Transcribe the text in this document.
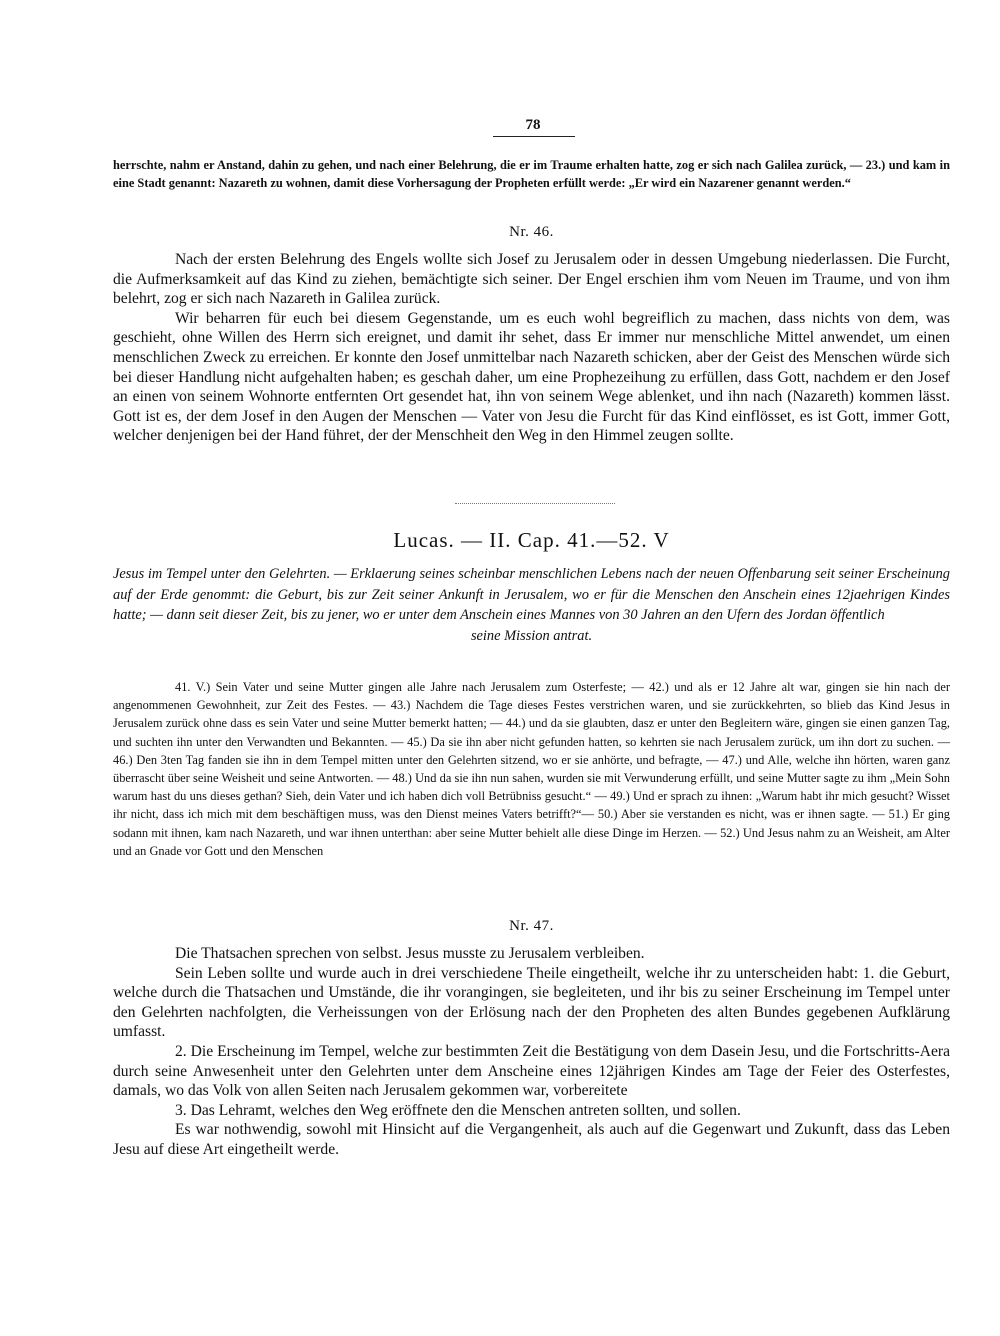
78

herrschte, nahm er Anstand, dahin zu gehen, und nach einer Belehrung, die er im Traume erhalten hatte, zog er sich nach Galilea zurück, — 23.) und kam in eine Stadt genannt: Nazareth zu wohnen, damit diese Vorhersagung der Propheten erfüllt werde: „Er wird ein Nazarener genannt werden.“

Nr. 46.

Nach der ersten Belehrung des Engels wollte sich Josef zu Jerusalem oder in dessen Umgebung niederlassen. Die Furcht, die Aufmerksamkeit auf das Kind zu ziehen, bemächtigte sich seiner. Der Engel erschien ihm vom Neuen im Traume, und von ihm belehrt, zog er sich nach Nazareth in Galilea zurück.

Wir beharren für euch bei diesem Gegenstande, um es euch wohl begreiflich zu machen, dass nichts von dem, was geschieht, ohne Willen des Herrn sich ereignet, und damit ihr sehet, dass Er immer nur menschliche Mittel anwendet, um einen menschlichen Zweck zu erreichen. Er konnte den Josef unmittelbar nach Nazareth schicken, aber der Geist des Menschen würde sich bei dieser Handlung nicht aufgehalten haben; es geschah daher, um eine Prophezeihung zu erfüllen, dass Gott, nachdem er den Josef an einen von seinem Wohnorte entfernten Ort gesendet hat, ihn von seinem Wege ablenket, und ihn nach (Nazareth) kommen lässt. Gott ist es, der dem Josef in den Augen der Menschen — Vater von Jesu die Furcht für das Kind einflösset, es ist Gott, immer Gott, welcher denjenigen bei der Hand führet, der der Menschheit den Weg in den Himmel zeugen sollte.

Lucas. — II. Cap. 41.—52. V

Jesus im Tempel unter den Gelehrten. — Erklaerung seines scheinbar menschlichen Lebens nach der neuen Offenbarung seit seiner Erscheinung auf der Erde genommt: die Geburt, bis zur Zeit seiner Ankunft in Jerusalem, wo er für die Menschen den Anschein eines 12jaehrigen Kindes hatte; — dann seit dieser Zeit, bis zu jener, wo er unter dem Anschein eines Mannes von 30 Jahren an den Ufern des Jordan öffentlich

seine Mission antrat.

41. V.) Sein Vater und seine Mutter gingen alle Jahre nach Jerusalem zum Osterfeste; — 42.) und als er 12 Jahre alt war, gingen sie hin nach der angenommenen Gewohnheit, zur Zeit des Festes. — 43.) Nachdem die Tage dieses Festes verstrichen waren, und sie zurückkehrten, so blieb das Kind Jesus in Jerusalem zurück ohne dass es sein Vater und seine Mutter bemerkt hatten; — 44.) und da sie glaubten, dasz er unter den Begleitern wäre, gingen sie einen ganzen Tag, und suchten ihn unter den Verwandten und Bekannten. — 45.) Da sie ihn aber nicht gefunden hatten, so kehrten sie nach Jerusalem zurück, um ihn dort zu suchen. — 46.) Den 3ten Tag fanden sie ihn in dem Tempel mitten unter den Gelehrten sitzend, wo er sie anhörte, und befragte, — 47.) und Alle, welche ihn hörten, waren ganz überrascht über seine Weisheit und seine Antworten. — 48.) Und da sie ihn nun sahen, wurden sie mit Verwunderung erfüllt, und seine Mutter sagte zu ihm „Mein Sohn warum hast du uns dieses gethan? Sieh, dein Vater und ich haben dich voll Betrübniss gesucht.“ — 49.) Und er sprach zu ihnen: „Warum habt ihr mich gesucht? Wisset ihr nicht, dass ich mich mit dem beschäftigen muss, was den Dienst meines Vaters betrifft?“— 50.) Aber sie verstanden es nicht, was er ihnen sagte. — 51.) Er ging sodann mit ihnen, kam nach Nazareth, und war ihnen unterthan: aber seine Mutter behielt alle diese Dinge im Herzen. — 52.) Und Jesus nahm zu an Weisheit, am Alter und an Gnade vor Gott und den Menschen

Nr. 47.

Die Thatsachen sprechen von selbst. Jesus musste zu Jerusalem verbleiben.

Sein Leben sollte und wurde auch in drei verschiedene Theile eingetheilt, welche ihr zu unterscheiden habt: 1. die Geburt, welche durch die Thatsachen und Umstände, die ihr vorangingen, sie begleiteten, und ihr bis zu seiner Erscheinung im Tempel unter den Gelehrten nachfolgten, die Verheissungen von der Erlösung nach der den Propheten des alten Bundes gegebenen Aufklärung umfasst.

2. Die Erscheinung im Tempel, welche zur bestimmten Zeit die Bestätigung von dem Dasein Jesu, und die Fortschritts-Aera durch seine Anwesenheit unter den Gelehrten unter dem Anscheine eines 12jährigen Kindes am Tage der Feier des Osterfestes, damals, wo das Volk von allen Seiten nach Jerusalem gekommen war, vorbereitete

3. Das Lehramt, welches den Weg eröffnete den die Menschen antreten sollten, und sollen.

Es war nothwendig, sowohl mit Hinsicht auf die Vergangenheit, als auch auf die Gegenwart und Zukunft, dass das Leben Jesu auf diese Art eingetheilt werde.
